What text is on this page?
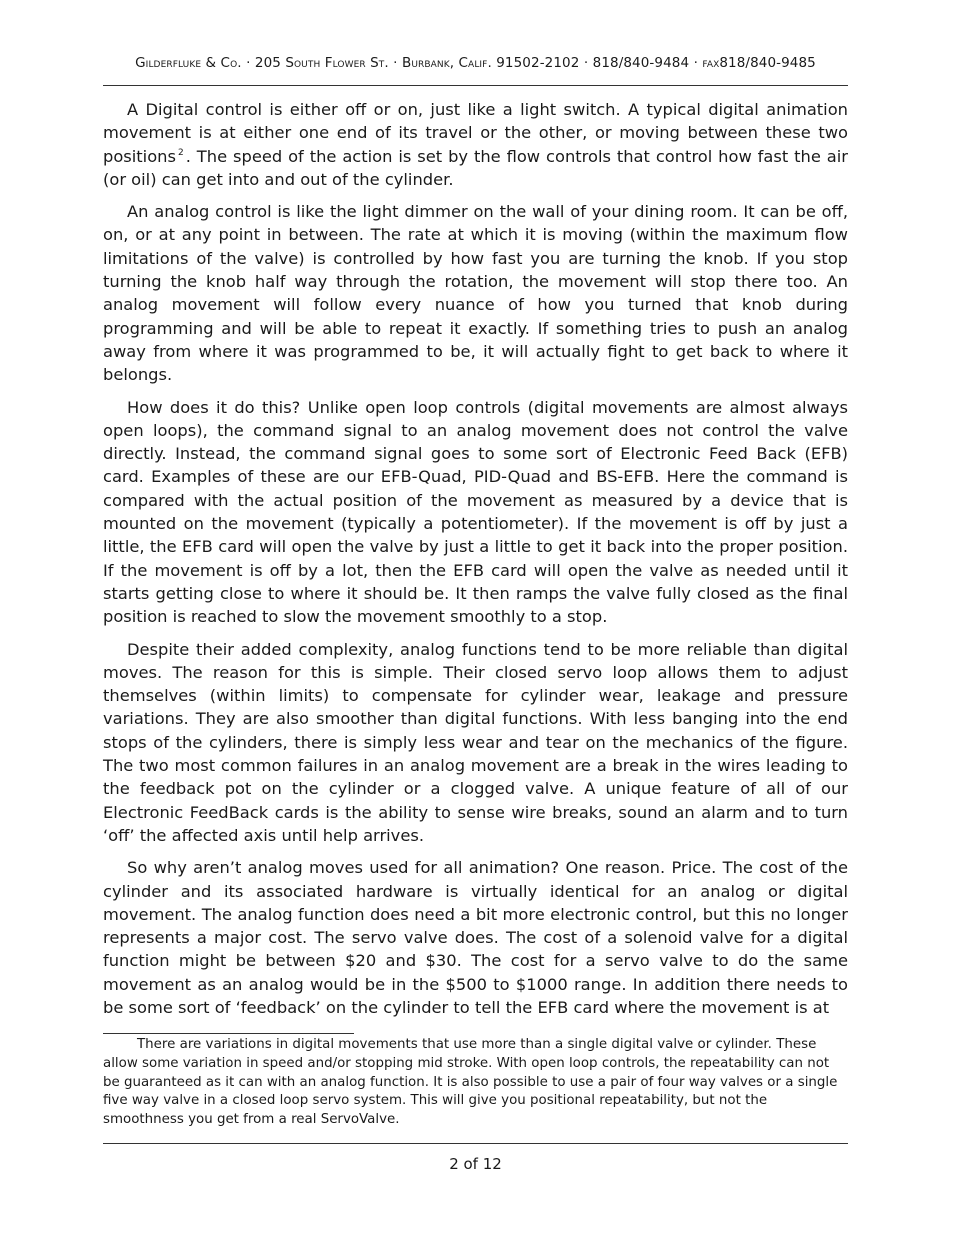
Gilderfluke & Co. · 205 South Flower St. · Burbank, Calif. 91502-2102 · 818/840-9484 · fax818/840-9485

A Digital control is either off or on, just like a light switch. A typical digital animation movement is at either one end of its travel or the other, or moving between these two positions $^2$ . The speed of the action is set by the flow controls that control how fast the air (or oil) can get into and out of the cylinder.

An analog control is like the light dimmer on the wall of your dining room. It can be off, on, or at any point in between. The rate at which it is moving (within the maximum flow limitations of the valve) is controlled by how fast you are turning the knob. If you stop turning the knob half way through the rotation, the movement will stop there too. An analog movement will follow every nuance of how you turned that knob during programming and will be able to repeat it exactly. If something tries to push an analog away from where it was programmed to be, it will actually fight to get back to where it belongs.

How does it do this? Unlike open loop controls (digital movements are almost always open loops), the command signal to an analog movement does not control the valve directly. Instead, the command signal goes to some sort of Electronic Feed Back (EFB) card. Examples of these are our EFB-Quad, PID-Quad and BS-EFB. Here the command is compared with the actual position of the movement as measured by a device that is mounted on the movement (typically a potentiometer). If the movement is off by just a little, the EFB card will open the valve by just a little to get it back into the proper position. If the movement is off by a lot, then the EFB card will open the valve as needed until it starts getting close to where it should be. It then ramps the valve fully closed as the final position is reached to slow the movement smoothly to a stop.

Despite their added complexity, analog functions tend to be more reliable than digital moves. The reason for this is simple. Their closed servo loop allows them to adjust themselves (within limits) to compensate for cylinder wear, leakage and pressure variations. They are also smoother than digital functions. With less banging into the end stops of the cylinders, there is simply less wear and tear on the mechanics of the figure. The two most common failures in an analog movement are a break in the wires leading to the feedback pot on the cylinder or a clogged valve. A unique feature of all of our Electronic FeedBack cards is the ability to sense wire breaks, sound an alarm and to turn ‘off’ the affected axis until help arrives.

So why aren’t analog moves used for all animation? One reason. Price. The cost of the cylinder and its associated hardware is virtually identical for an analog or digital movement. The analog function does need a bit more electronic control, but this no longer represents a major cost. The servo valve does. The cost of a solenoid valve for a digital function might be between $20 and $30. The cost for a servo valve to do the same movement as an analog would be in the $500 to $1000 range. In addition there needs to be some sort of ‘feedback’ on the cylinder to tell the EFB card where the movement is at

There are variations in digital movements that use more than a single digital valve or cylinder. These allow some variation in speed and/or stopping mid stroke. With open loop controls, the repeatability can not be guaranteed as it can with an analog function. It is also possible to use a pair of four way valves or a single five way valve in a closed loop servo system. This will give you positional repeatability, but not the smoothness you get from a real ServoValve.

2 of 12
